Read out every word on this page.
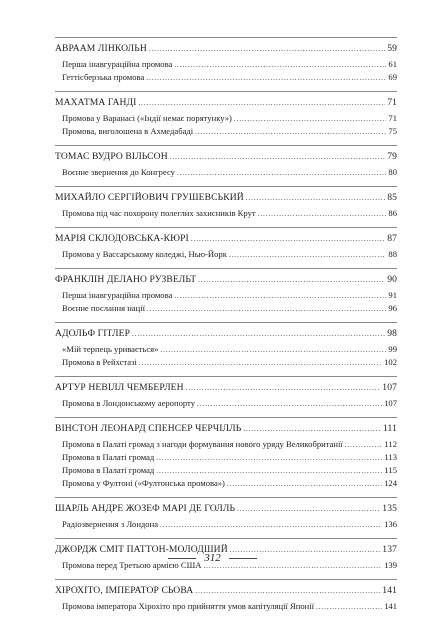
АВРААМ ЛІНКОЛЬН . . .	59
Перша інавгураційна промова . . .	61
Геттісберзька промова . . .	69
МАХАТМА ГАНДІ . . .	71
Промова у Варанасі («Індії немає порятунку») . . .	71
Промова, виголошена в Ахмедабаді . . .	75
ТОМАС ВУДРО ВІЛЬСОН . . .	79
Воєнне звернення до Конгресу . . .	80
МИХАЙЛО СЕРГІЙОВИЧ ГРУШЕВСЬКИЙ . . .	85
Промова під час похорону полеглих захисників Крут . . .	86
МАРІЯ СКЛОДОВСЬКА-КЮРІ . . .	87
Промова у Вассарському коледжі, Нью-Йорк . . .	88
ФРАНКЛІН ДЕЛАНО РУЗВЕЛЬТ . . .	90
Перша інавгураційна промова . . .	91
Воєнне послання нації . . .	96
АДОЛЬФ ГІТЛЕР . . .	98
«Мій терпець уривається» . . .	99
Промова в Рейхстазі . . .	102
АРТУР НЕВІЛЛ ЧЕМБЕРЛЕН . . .	107
Промова в Лондонському аеропорту . . .	107
ВІНСТОН ЛЕОНАРД СПЕНСЕР ЧЕРЧІЛЛЬ . . .	111
Промова в Палаті громад з нагоди формування нового уряду Великобританії . . .	112
Промова в Палаті громад . . .	113
Промова в Палаті громад . . .	115
Промова у Фултоні («Фултонська промова») . . .	124
ШАРЛЬ АНДРЕ ЖОЗЕФ МАРІ ДЕ ГОЛЛЬ . . .	135
Радіозвернення з Лондона . . .	136
ДЖОРДЖ СМІТ ПАТТОН-МОЛОДШИЙ . . .	137
Промова перед Третьою армією США . . .	139
ХІРОХІТО, ІМПЕРАТОР СЬОВА . . .	141
Промова імператора Хірохіто про прийняття умов капітуляції Японії . . .	141
312
